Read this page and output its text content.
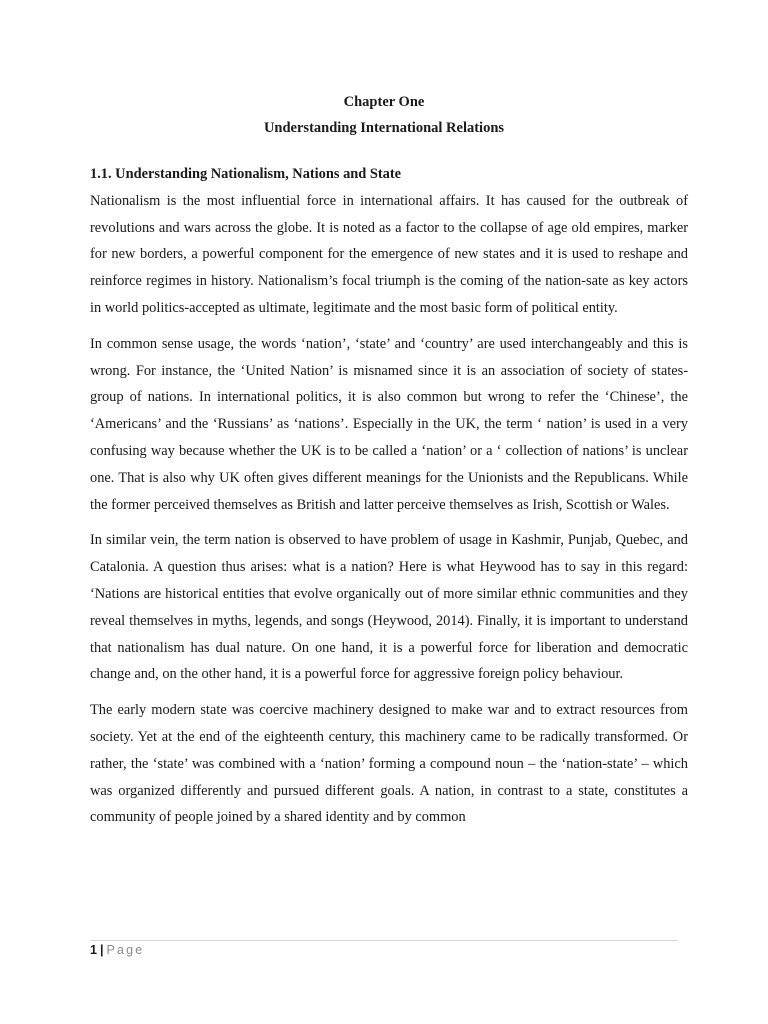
Chapter One
Understanding International Relations

1.1. Understanding Nationalism, Nations and State

Nationalism is the most influential force in international affairs. It has caused for the outbreak of revolutions and wars across the globe. It is noted as a factor to the collapse of age old empires, marker for new borders, a powerful component for the emergence of new states and it is used to reshape and reinforce regimes in history. Nationalism’s focal triumph is the coming of the nation-sate as key actors in world politics-accepted as ultimate, legitimate and the most basic form of political entity.

In common sense usage, the words ‘nation’, ‘state’ and ‘country’ are used interchangeably and this is wrong. For instance, the ‘United Nation’ is misnamed since it is an association of society of states- group of nations. In international politics, it is also common but wrong to refer the ‘Chinese’, the ‘Americans’ and the ‘Russians’ as ‘nations’. Especially in the UK, the term ‘ nation’ is used in a very confusing way because whether the UK is to be called a ‘nation’ or a ‘ collection of nations’ is unclear one. That is also why UK often gives different meanings for the Unionists and the Republicans. While the former perceived themselves as British and latter perceive themselves as Irish, Scottish or Wales.

In similar vein, the term nation is observed to have problem of usage in Kashmir, Punjab, Quebec, and Catalonia. A question thus arises: what is a nation? Here is what Heywood has to say in this regard: ‘Nations are historical entities that evolve organically out of more similar ethnic communities and they reveal themselves in myths, legends, and songs (Heywood, 2014). Finally, it is important to understand that nationalism has dual nature. On one hand, it is a powerful force for liberation and democratic change and, on the other hand, it is a powerful force for aggressive foreign policy behaviour.

The early modern state was coercive machinery designed to make war and to extract resources from society. Yet at the end of the eighteenth century, this machinery came to be radically transformed. Or rather, the ‘state’ was combined with a ‘nation’ forming a compound noun – the ‘nation-state’ – which was organized differently and pursued different goals. A nation, in contrast to a state, constitutes a community of people joined by a shared identity and by common

1 | Page
